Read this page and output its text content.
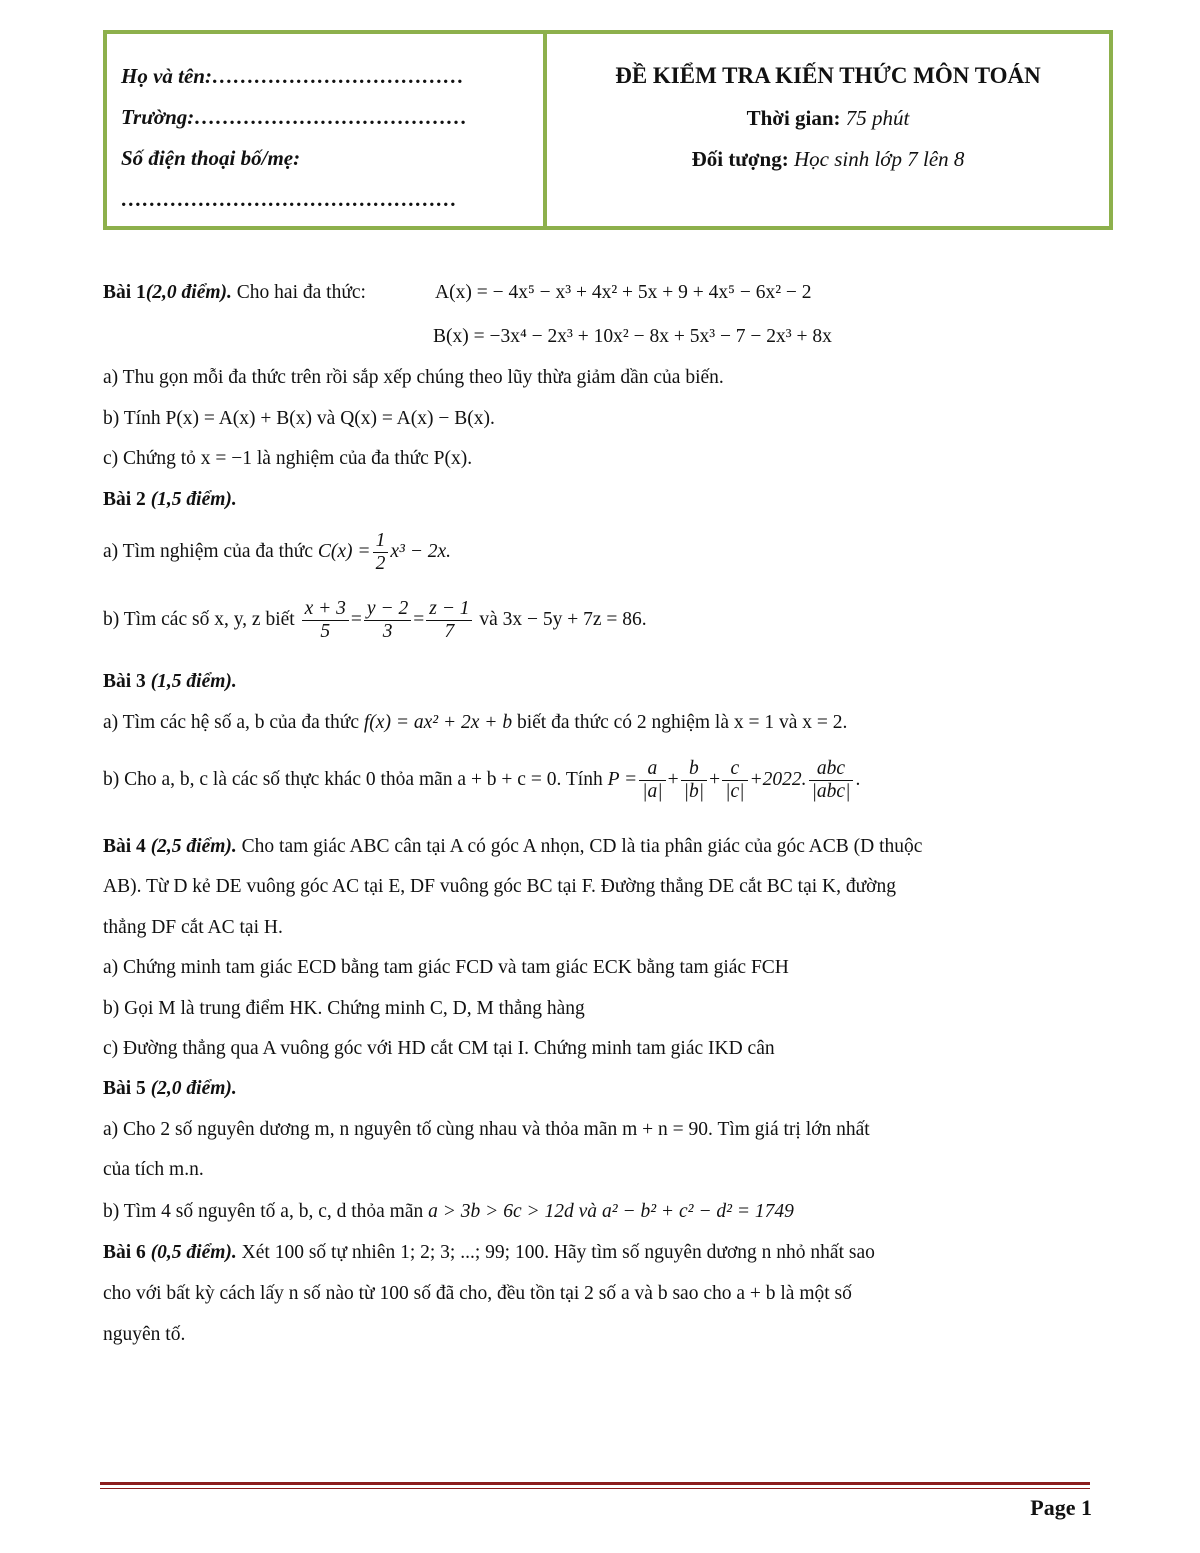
Họ và tên:………………………………
Trường:…………………………………
Số điện thoại bố/mẹ:
…………………………………………
ĐỀ KIỂM TRA KIẾN THỨC MÔN TOÁN
Thời gian: 75 phút
Đối tượng: Học sinh lớp 7 lên 8
Bài 1(2,0 điểm). Cho hai đa thức:	A(x) = − 4x⁵ − x³ + 4x² + 5x + 9 + 4x⁵ − 6x² − 2
B(x) = −3x⁴ − 2x³ + 10x² − 8x + 5x³ − 7 − 2x³ + 8x
a) Thu gọn mỗi đa thức trên rồi sắp xếp chúng theo lũy thừa giảm dần của biến.
b) Tính P(x) = A(x) + B(x) và Q(x) = A(x) − B(x).
c) Chứng tỏ x = −1 là nghiệm của đa thức P(x).
Bài 2 (1,5 điểm).
a) Tìm nghiệm của đa thức $C(x) = \frac{1}{2} x^3 - 2x$.
b) Tìm các số x, y, z biết $\frac{x + 3}{5} = \frac{y - 2}{3} = \frac{z - 1}{7}$ và 3x − 5y + 7z = 86.
Bài 3 (1,5 điểm).
a) Tìm các hệ số a, b của đa thức f(x) = ax² + 2x + b biết đa thức có 2 nghiệm là x = 1 và x = 2.
b) Cho a, b, c là các số thực khác 0 thỏa mãn a + b + c = 0. Tính $P = \frac{a}{|a|} + \frac{b}{|b|} + \frac{c}{|c|} +2022$. $\frac{\text{abc}}{\text{|abc|}}$ .
Bài 4 (2,5 điểm). Cho tam giác ABC cân tại A có góc A nhọn, CD là tia phân giác của góc ACB (D thuộc
AB). Từ D kẻ DE vuông góc AC tại E, DF vuông góc BC tại F. Đường thẳng DE cắt BC tại K, đường
thẳng DF cắt AC tại H.
a) Chứng minh tam giác ECD bằng tam giác FCD và tam giác ECK bằng tam giác FCH
b) Gọi M là trung điểm HK. Chứng minh C, D, M thẳng hàng
c) Đường thẳng qua A vuông góc với HD cắt CM tại I. Chứng minh tam giác IKD cân
Bài 5 (2,0 điểm).
a) Cho 2 số nguyên dương m, n nguyên tố cùng nhau và thỏa mãn m + n = 90. Tìm giá trị lớn nhất
của tích m.n.
b) Tìm 4 số nguyên tố a, b, c, d thỏa mãn a > 3b > 6c > 12d và a² − b² + c² − d² = 1749
Bài 6 (0,5 điểm). Xét 100 số tự nhiên 1; 2; 3; ...; 99; 100. Hãy tìm số nguyên dương n nhỏ nhất sao
cho với bất kỳ cách lấy n số nào từ 100 số đã cho, đều tồn tại 2 số a và b sao cho a + b là một số
nguyên tố.
Page 1
